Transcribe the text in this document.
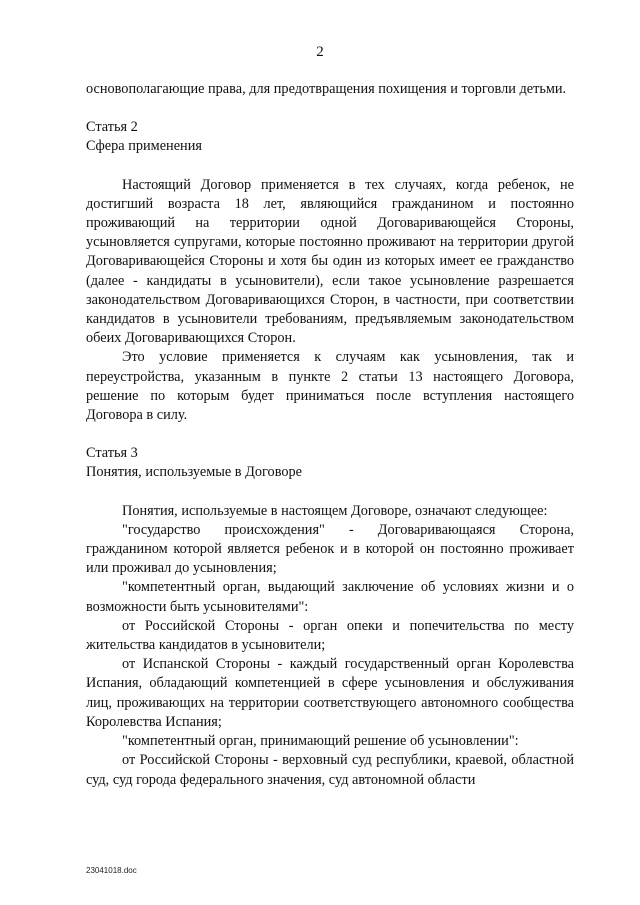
2

основополагающие права, для предотвращения похищения и торговли детьми.

Статья 2

Сфера применения

Настоящий Договор применяется в тех случаях, когда ребенок, не достигший возраста 18 лет, являющийся гражданином и постоянно проживающий на территории одной Договаривающейся Стороны, усыновляется супругами, которые постоянно проживают на территории другой Договаривающейся Стороны и хотя бы один из которых имеет ее гражданство (далее - кандидаты в усыновители), если такое усыновление разрешается законодательством Договаривающихся Сторон, в частности, при соответствии кандидатов в усыновители требованиям, предъявляемым законодательством обеих Договаривающихся Сторон.

Это условие применяется к случаям как усыновления, так и переустройства, указанным в пункте 2 статьи 13 настоящего Договора, решение по которым будет приниматься после вступления настоящего Договора в силу.

Статья 3

Понятия, используемые в Договоре

Понятия, используемые в настоящем Договоре, означают следующее:

"государство происхождения" - Договаривающаяся Сторона, гражданином которой является ребенок и в которой он постоянно проживает или проживал до усыновления;

"компетентный орган, выдающий заключение об условиях жизни и о возможности быть усыновителями":

от Российской Стороны - орган опеки и попечительства по месту жительства кандидатов в усыновители;

от Испанской Стороны - каждый государственный орган Королевства Испания, обладающий компетенцией в сфере усыновления и обслуживания лиц, проживающих на территории соответствующего автономного сообщества Королевства Испания;

"компетентный орган, принимающий решение об усыновлении":

от Российской Стороны - верховный суд республики, краевой, областной суд, суд города федерального значения, суд автономной области

23041018.doc
